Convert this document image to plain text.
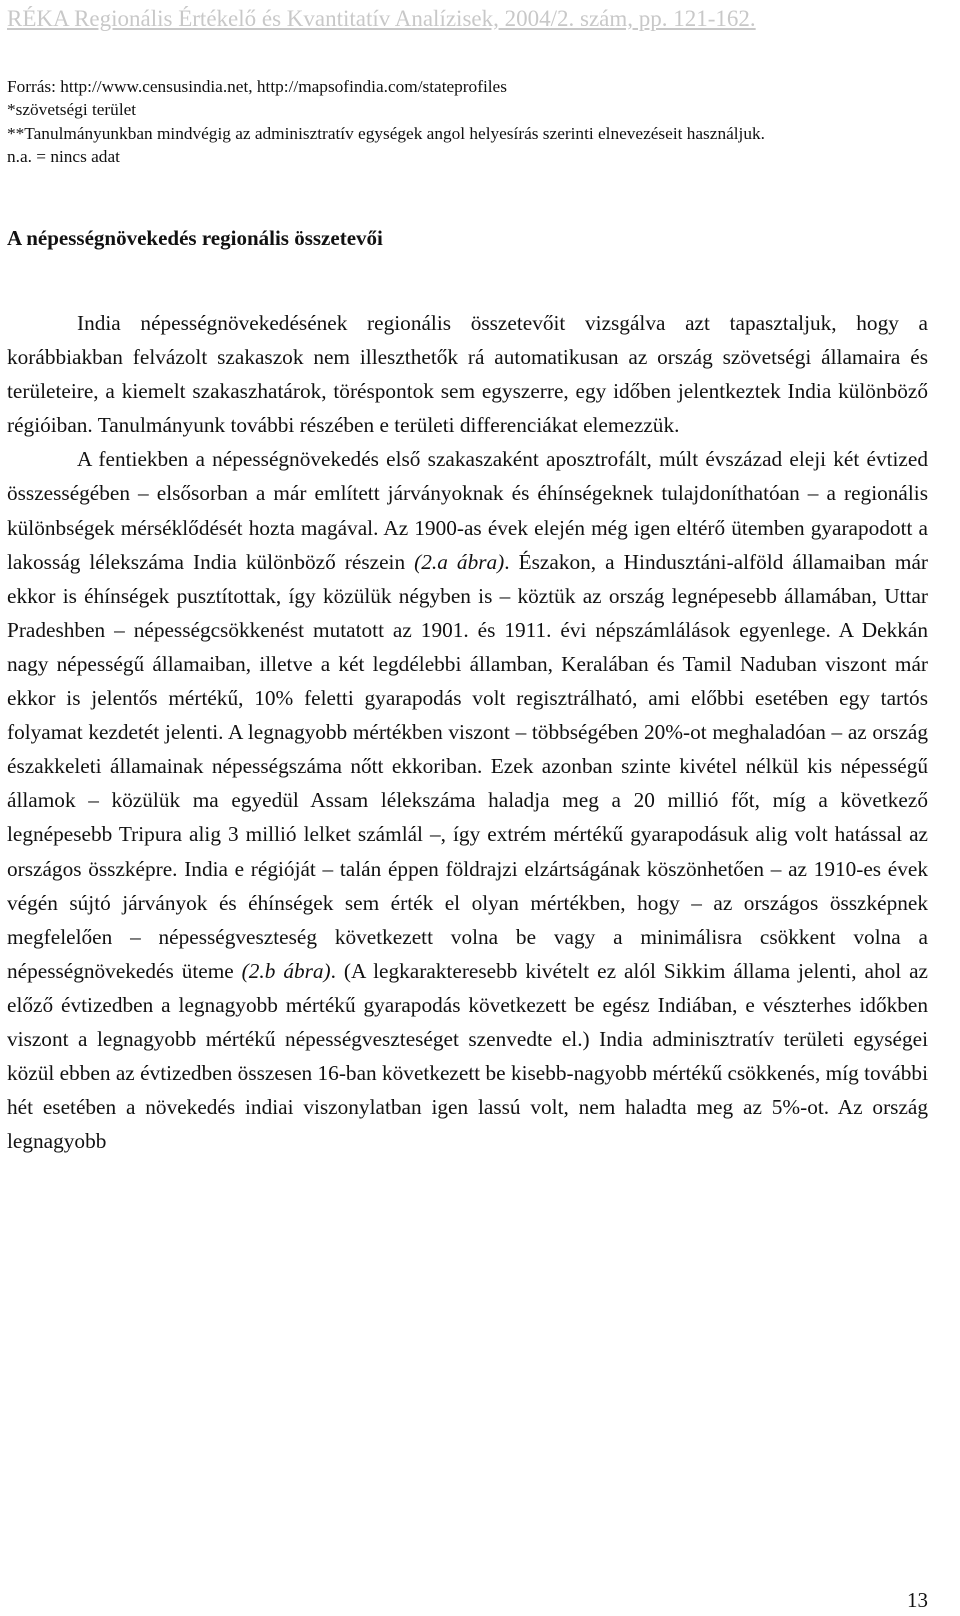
RÉKA Regionális Értékelő és Kvantitatív Analízisek, 2004/2. szám, pp. 121-162.
Forrás: http://www.censusindia.net, http://mapsofindia.com/stateprofiles
*szövetségi terület
**Tanulmányunkban mindvégig az adminisztratív egységek angol helyesírás szerinti elnevezéseit használjuk.
n.a. = nincs adat
A népességnövekedés regionális összetevői

India népességnövekedésének regionális összetevőit vizsgálva azt tapasztaljuk, hogy a korábbiakban felvázolt szakaszok nem illeszthetők rá automatikusan az ország szövetségi államaira és területeire, a kiemelt szakaszhatárok, töréspontok sem egyszerre, egy időben jelentkeztek India különböző régióiban. Tanulmányunk további részében e területi differenciákat elemezzük.

A fentiekben a népességnövekedés első szakaszaként aposztrofált, múlt évszázad eleji két évtized összességében – elsősorban a már említett járványoknak és éhínségeknek tulajdoníthatóan – a regionális különbségek mérséklődését hozta magával. Az 1900-as évek elején még igen eltérő ütemben gyarapodott a lakosság lélekszáma India különböző részein (2.a ábra). Északon, a Hindusztáni-alföld államaiban már ekkor is éhínségek pusztítottak, így közülük négyben is – köztük az ország legnépesebb államában, Uttar Pradeshben – népességcsökkenést mutatott az 1901. és 1911. évi népszámlálások egyenlege. A Dekkán nagy népességű államaiban, illetve a két legdélebbi államban, Keralában és Tamil Naduban viszont már ekkor is jelentős mértékű, 10% feletti gyarapodás volt regisztrálható, ami előbbi esetében egy tartós folyamat kezdetét jelenti. A legnagyobb mértékben viszont – többségében 20%-ot meghaladóan – az ország északkeleti államainak népességszáma nőtt ekkoriban. Ezek azonban szinte kivétel nélkül kis népességű államok – közülük ma egyedül Assam lélekszáma haladja meg a 20 millió főt, míg a következő legnépesebb Tripura alig 3 millió lelket számlál –, így extrém mértékű gyarapodásuk alig volt hatással az országos összképre. India e régióját – talán éppen földrajzi elzártságának köszönhetően – az 1910-es évek végén sújtó járványok és éhínségek sem érték el olyan mértékben, hogy – az országos összképnek megfelelően – népességveszteség következett volna be vagy a minimálisra csökkent volna a népességnövekedés üteme (2.b ábra). (A legkarakteresebb kivételt ez alól Sikkim állama jelenti, ahol az előző évtizedben a legnagyobb mértékű gyarapodás következett be egész Indiában, e vészterhes időkben viszont a legnagyobb mértékű népességveszteséget szenvedte el.) India adminisztratív területi egységei közül ebben az évtizedben összesen 16-ban következett be kisebb-nagyobb mértékű csökkenés, míg további hét esetében a növekedés indiai viszonylatban igen lassú volt, nem haladta meg az 5%-ot. Az ország legnagyobb

13
